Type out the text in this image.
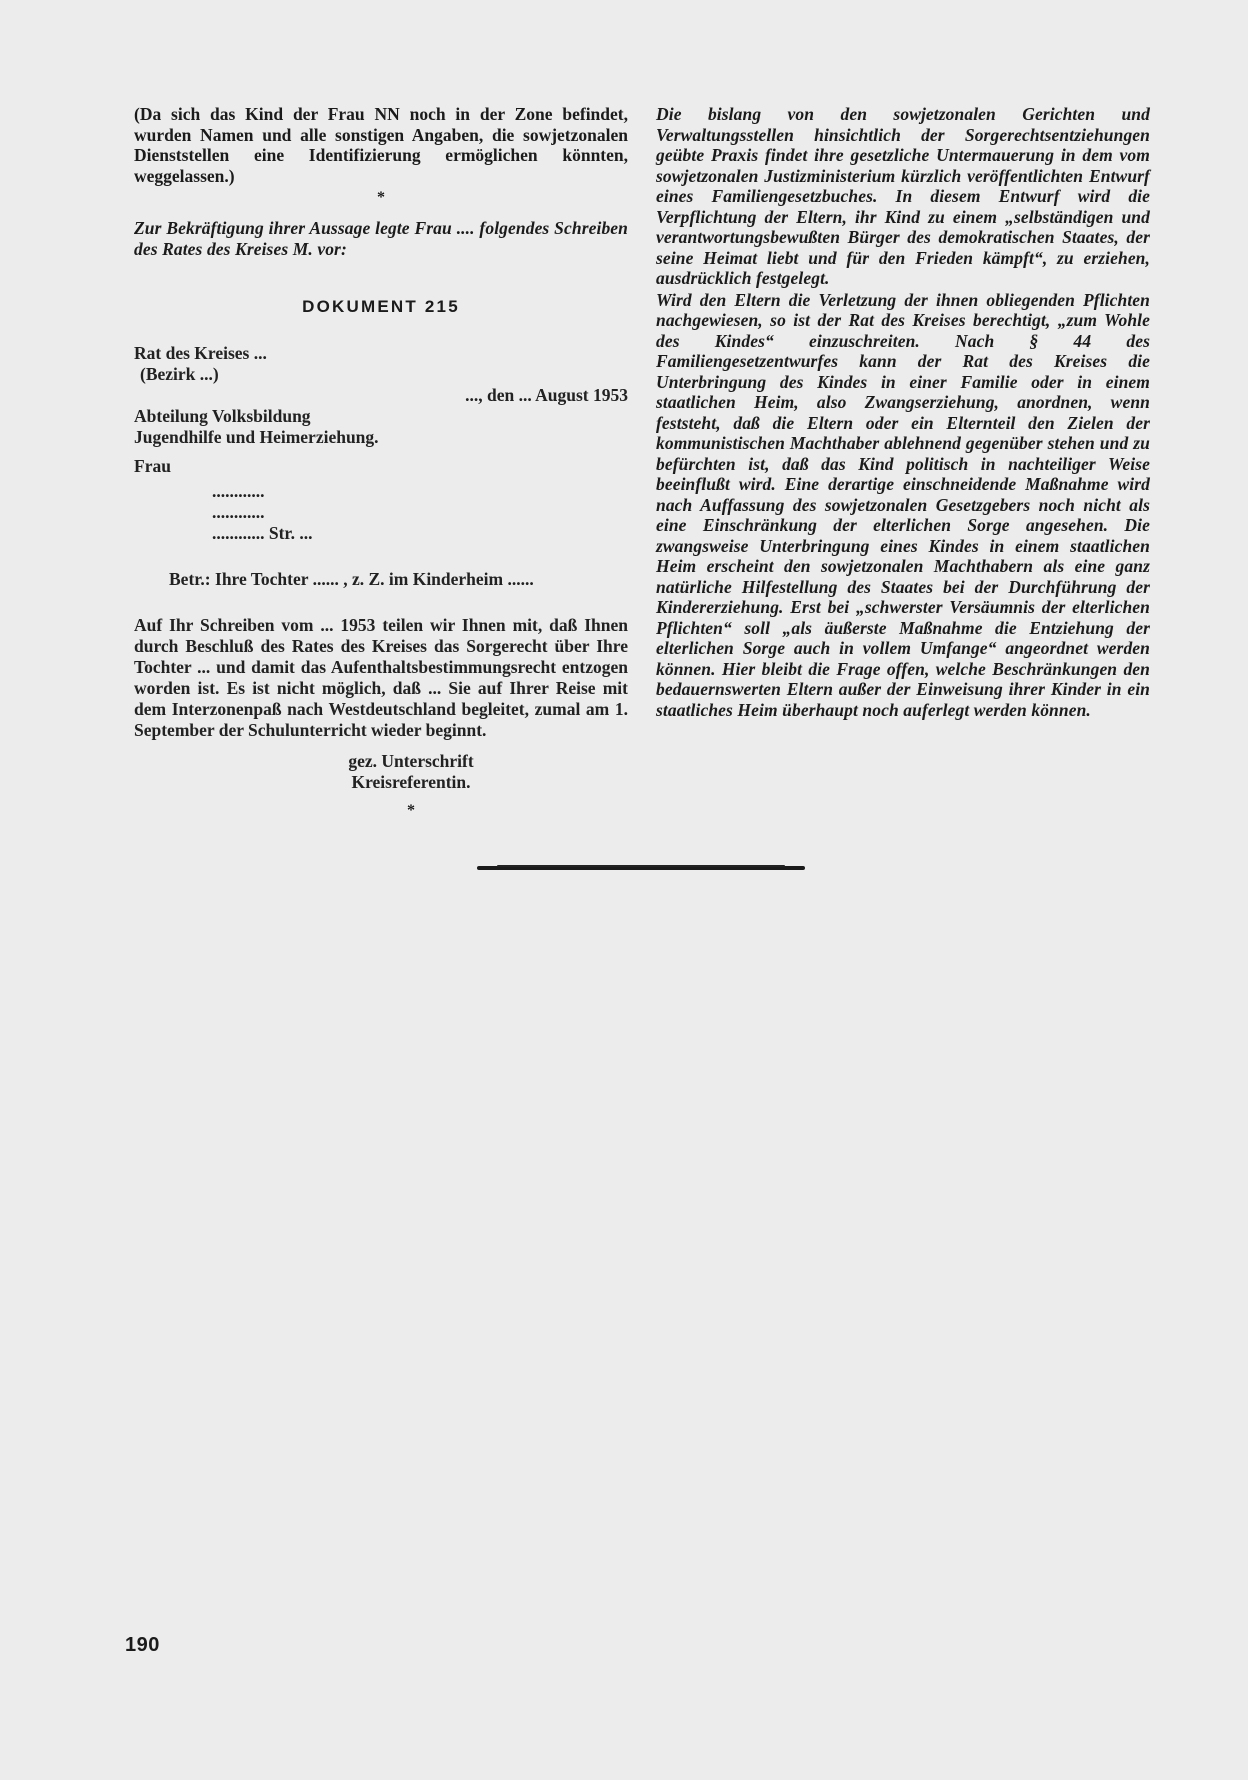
(Da sich das Kind der Frau NN noch in der Zone befindet, wurden Namen und alle sonstigen Angaben, die sowjetzonalen Dienststellen eine Identifizierung ermöglichen könnten, weggelassen.)

*

Zur Bekräftigung ihrer Aussage legte Frau .... folgendes Schreiben des Rates des Kreises M. vor:

DOKUMENT 215
Rat des Kreises ...
(Bezirk ...)
..., den ... August 1953
Abteilung Volksbildung
Jugendhilfe und Heimerziehung.
Frau
............
............
............ Str. ...

Betr.: Ihre Tochter ...... , z. Z. im Kinderheim ......

Auf Ihr Schreiben vom ... 1953 teilen wir Ihnen mit, daß Ihnen durch Beschluß des Rates des Kreises das Sorgerecht über Ihre Tochter ... und damit das Aufenthaltsbestimmungsrecht entzogen worden ist. Es ist nicht möglich, daß ... Sie auf Ihrer Reise mit dem Interzonenpaß nach Westdeutschland begleitet, zumal am 1. September der Schulunterricht wieder beginnt.

gez. Unterschrift
Kreisreferentin.

*

Die bislang von den sowjetzonalen Gerichten und Verwaltungsstellen hinsichtlich der Sorgerechtsentziehungen geübte Praxis findet ihre gesetzliche Untermauerung in dem vom sowjetzonalen Justizministerium kürzlich veröffentlichten Entwurf eines Familiengesetzbuches. In diesem Entwurf wird die Verpflichtung der Eltern, ihr Kind zu einem „selbständigen und verantwortungsbewußten Bürger des demokratischen Staates, der seine Heimat liebt und für den Frieden kämpft“, zu erziehen, ausdrücklich festgelegt.

Wird den Eltern die Verletzung der ihnen obliegenden Pflichten nachgewiesen, so ist der Rat des Kreises berechtigt, „zum Wohle des Kindes“ einzuschreiten. Nach § 44 des Familiengesetzentwurfes kann der Rat des Kreises die Unterbringung des Kindes in einer Familie oder in einem staatlichen Heim, also Zwangserziehung, anordnen, wenn feststeht, daß die Eltern oder ein Elternteil den Zielen der kommunistischen Machthaber ablehnend gegenüber stehen und zu befürchten ist, daß das Kind politisch in nachteiliger Weise beeinflußt wird. Eine derartige einschneidende Maßnahme wird nach Auffassung des sowjetzonalen Gesetzgebers noch nicht als eine Einschränkung der elterlichen Sorge angesehen. Die zwangsweise Unterbringung eines Kindes in einem staatlichen Heim erscheint den sowjetzonalen Machthabern als eine ganz natürliche Hilfestellung des Staates bei der Durchführung der Kindererziehung. Erst bei „schwerster Versäumnis der elterlichen Pflichten“ soll „als äußerste Maßnahme die Entziehung der elterlichen Sorge auch in vollem Umfange“ angeordnet werden können. Hier bleibt die Frage offen, welche Beschränkungen den bedauernswerten Eltern außer der Einweisung ihrer Kinder in ein staatliches Heim überhaupt noch auferlegt werden können.

190
